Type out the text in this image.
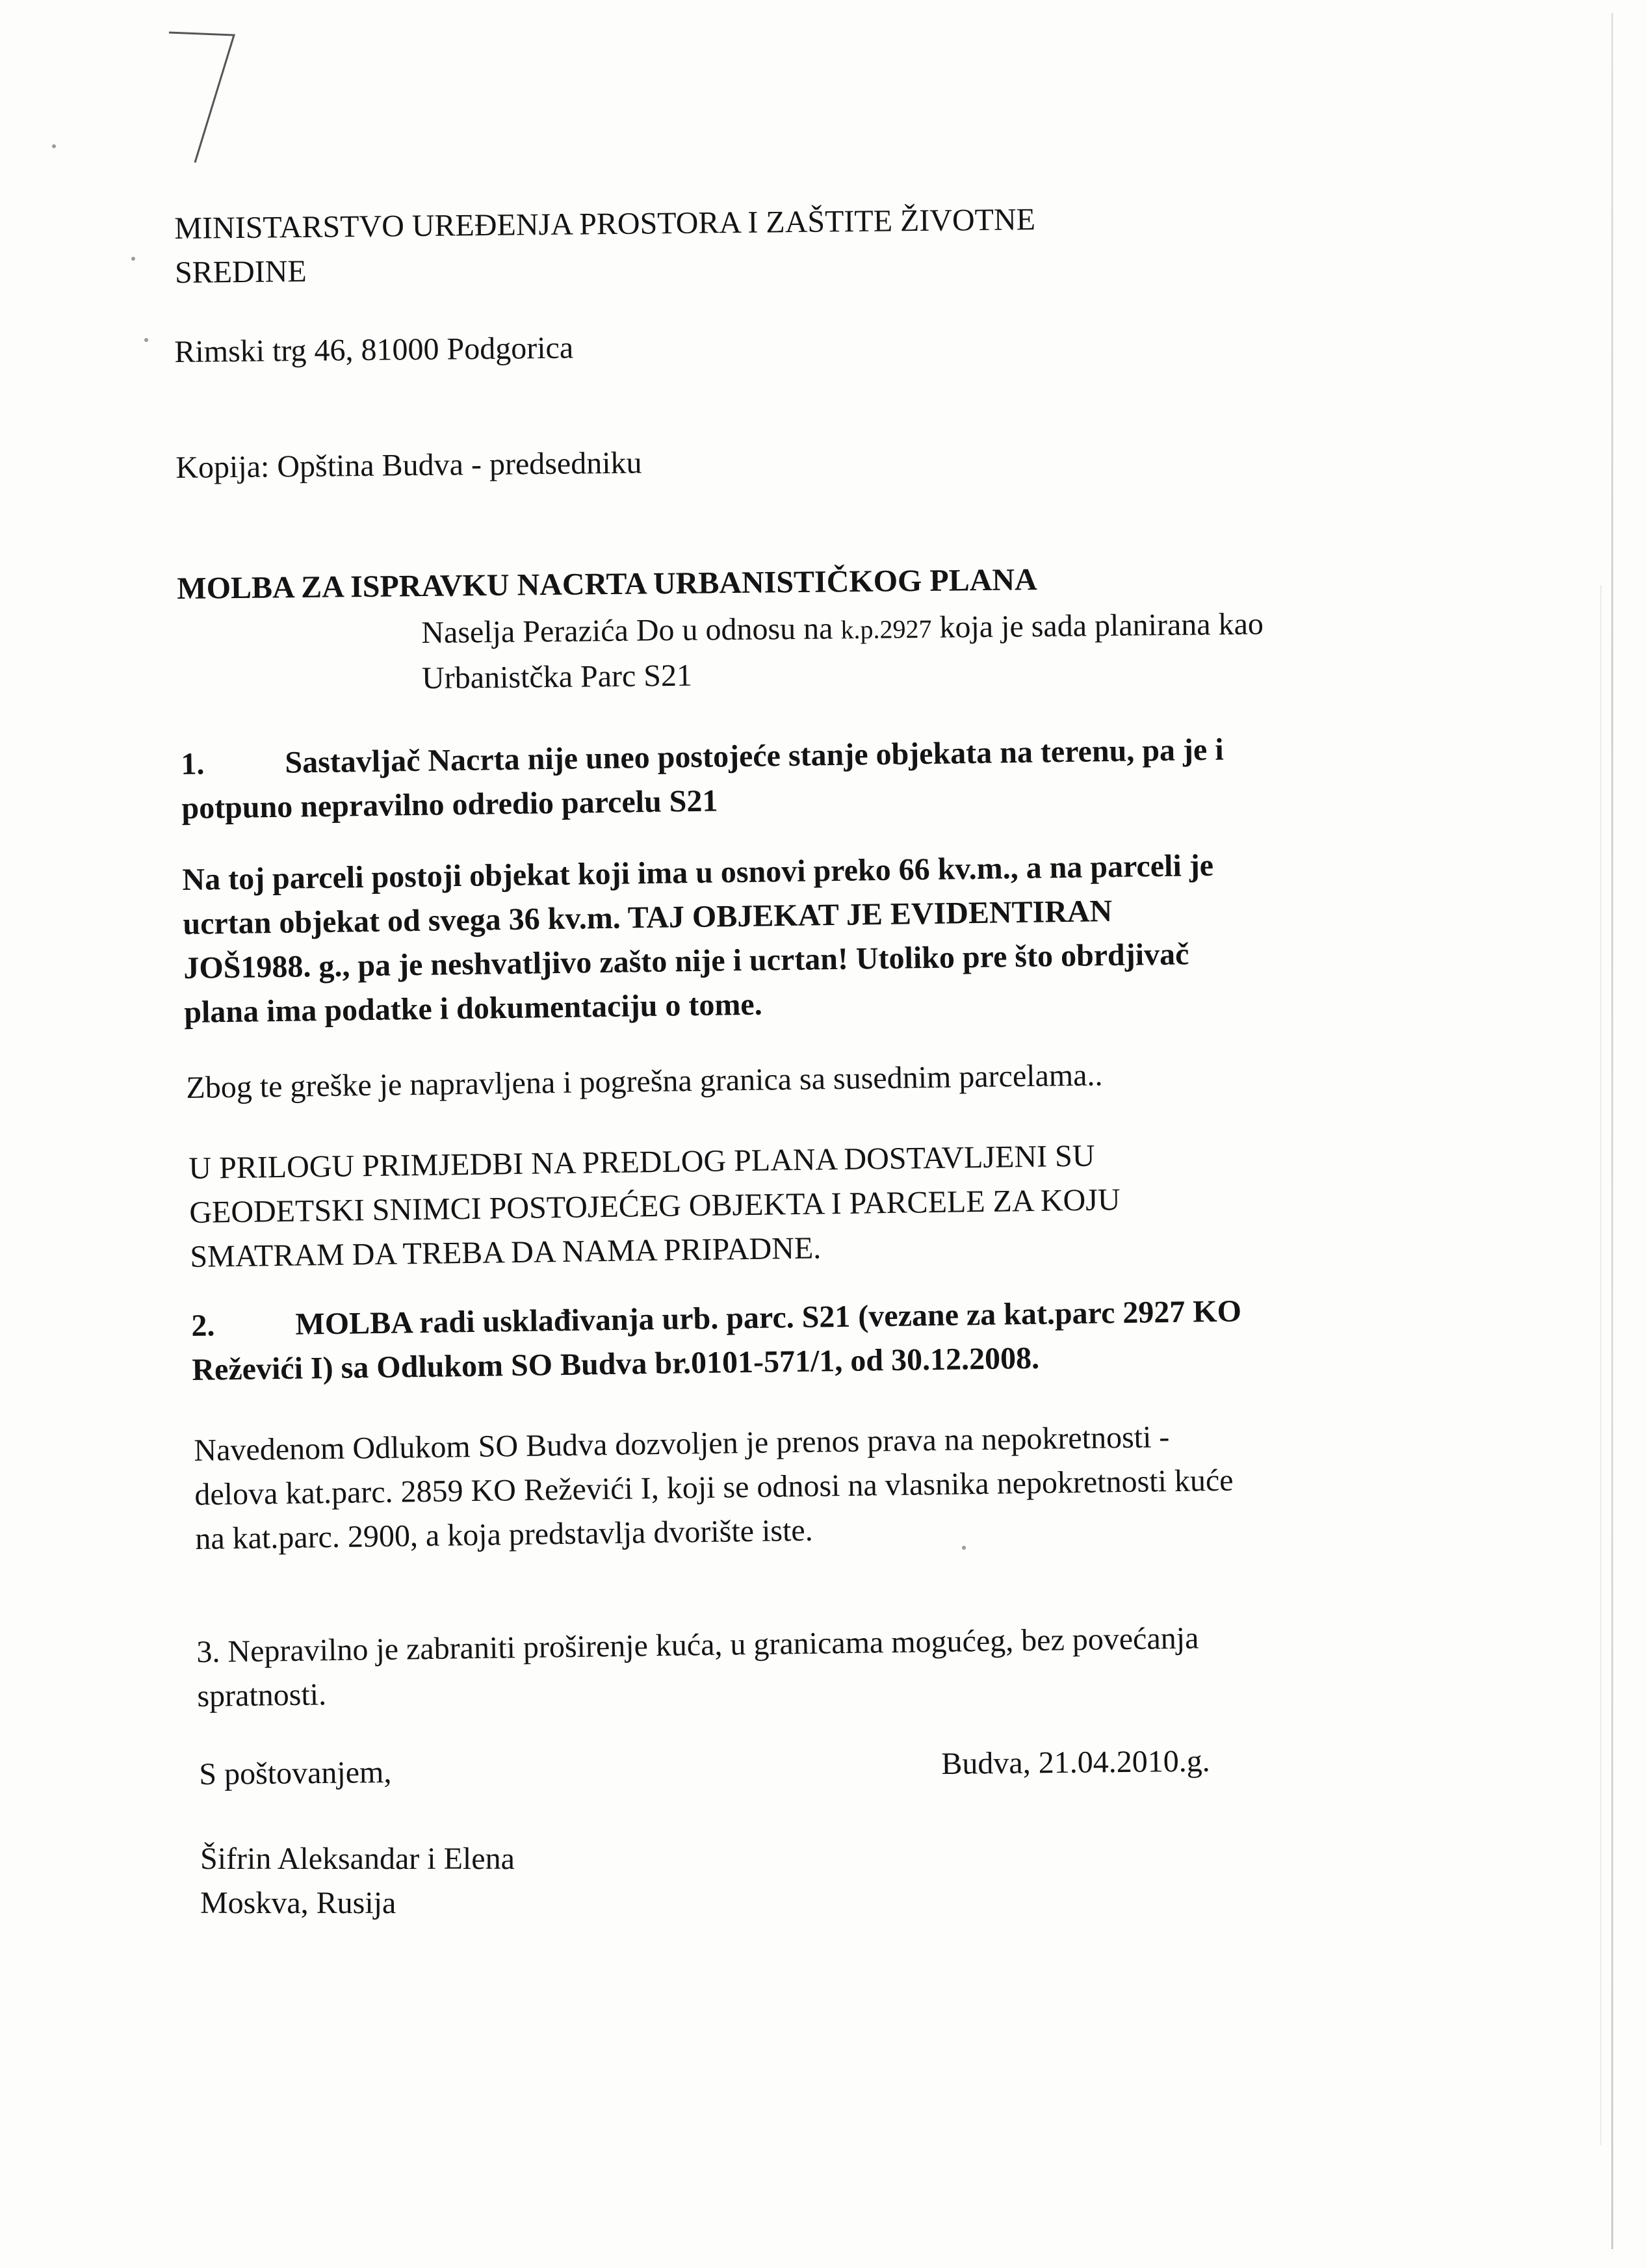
MINISTARSTVO UREĐENJA PROSTORA I ZAŠTITE ŽIVOTNE
SREDINE
Rimski trg 46, 81000 Podgorica
Kopija: Opština Budva - predsedniku
MOLBA ZA ISPRAVKU NACRTA URBANISTIČKOG PLANA
Naselja Perazića Do u odnosu na k.p.2927 koja je sada planirana kao
Urbanistčka Parc S21
1.	Sastavljač Nacrta nije uneo postojeće stanje objekata na terenu, pa je i
potpuno nepravilno odredio parcelu S21
Na toj parceli postoji objekat koji ima u osnovi preko 66 kv.m., a na parceli je
ucrtan objekat od svega 36 kv.m. TAJ OBJEKAT JE EVIDENTIRAN
JOŠ1988. g., pa je neshvatljivo zašto nije i ucrtan! Utoliko pre što obrdjivač
plana ima podatke i dokumentaciju o tome.
Zbog te greške je napravljena i pogrešna granica sa susednim parcelama..
U PRILOGU PRIMJEDBI NA PREDLOG PLANA DOSTAVLJENI SU
GEODETSKI SNIMCI POSTOJEĆEG OBJEKTA I PARCELE ZA KOJU
SMATRAM DA TREBA DA NAMA PRIPADNE.
2.	MOLBA radi usklađivanja urb. parc. S21 (vezane za kat.parc 2927 KO
Reževići I) sa Odlukom SO Budva br.0101-571/1, od 30.12.2008.
Navedenom Odlukom SO Budva dozvoljen je prenos prava na nepokretnosti -
delova kat.parc. 2859 KO Reževići I, koji se odnosi na vlasnika nepokretnosti kuće
na kat.parc. 2900, a koja predstavlja dvorište iste.
3. Nepravilno je zabraniti proširenje kuća, u granicama mogućeg, bez povećanja
spratnosti.
S poštovanjem,	Budva, 21.04.2010.g.
Šifrin Aleksandar i Elena
Moskva, Rusija
